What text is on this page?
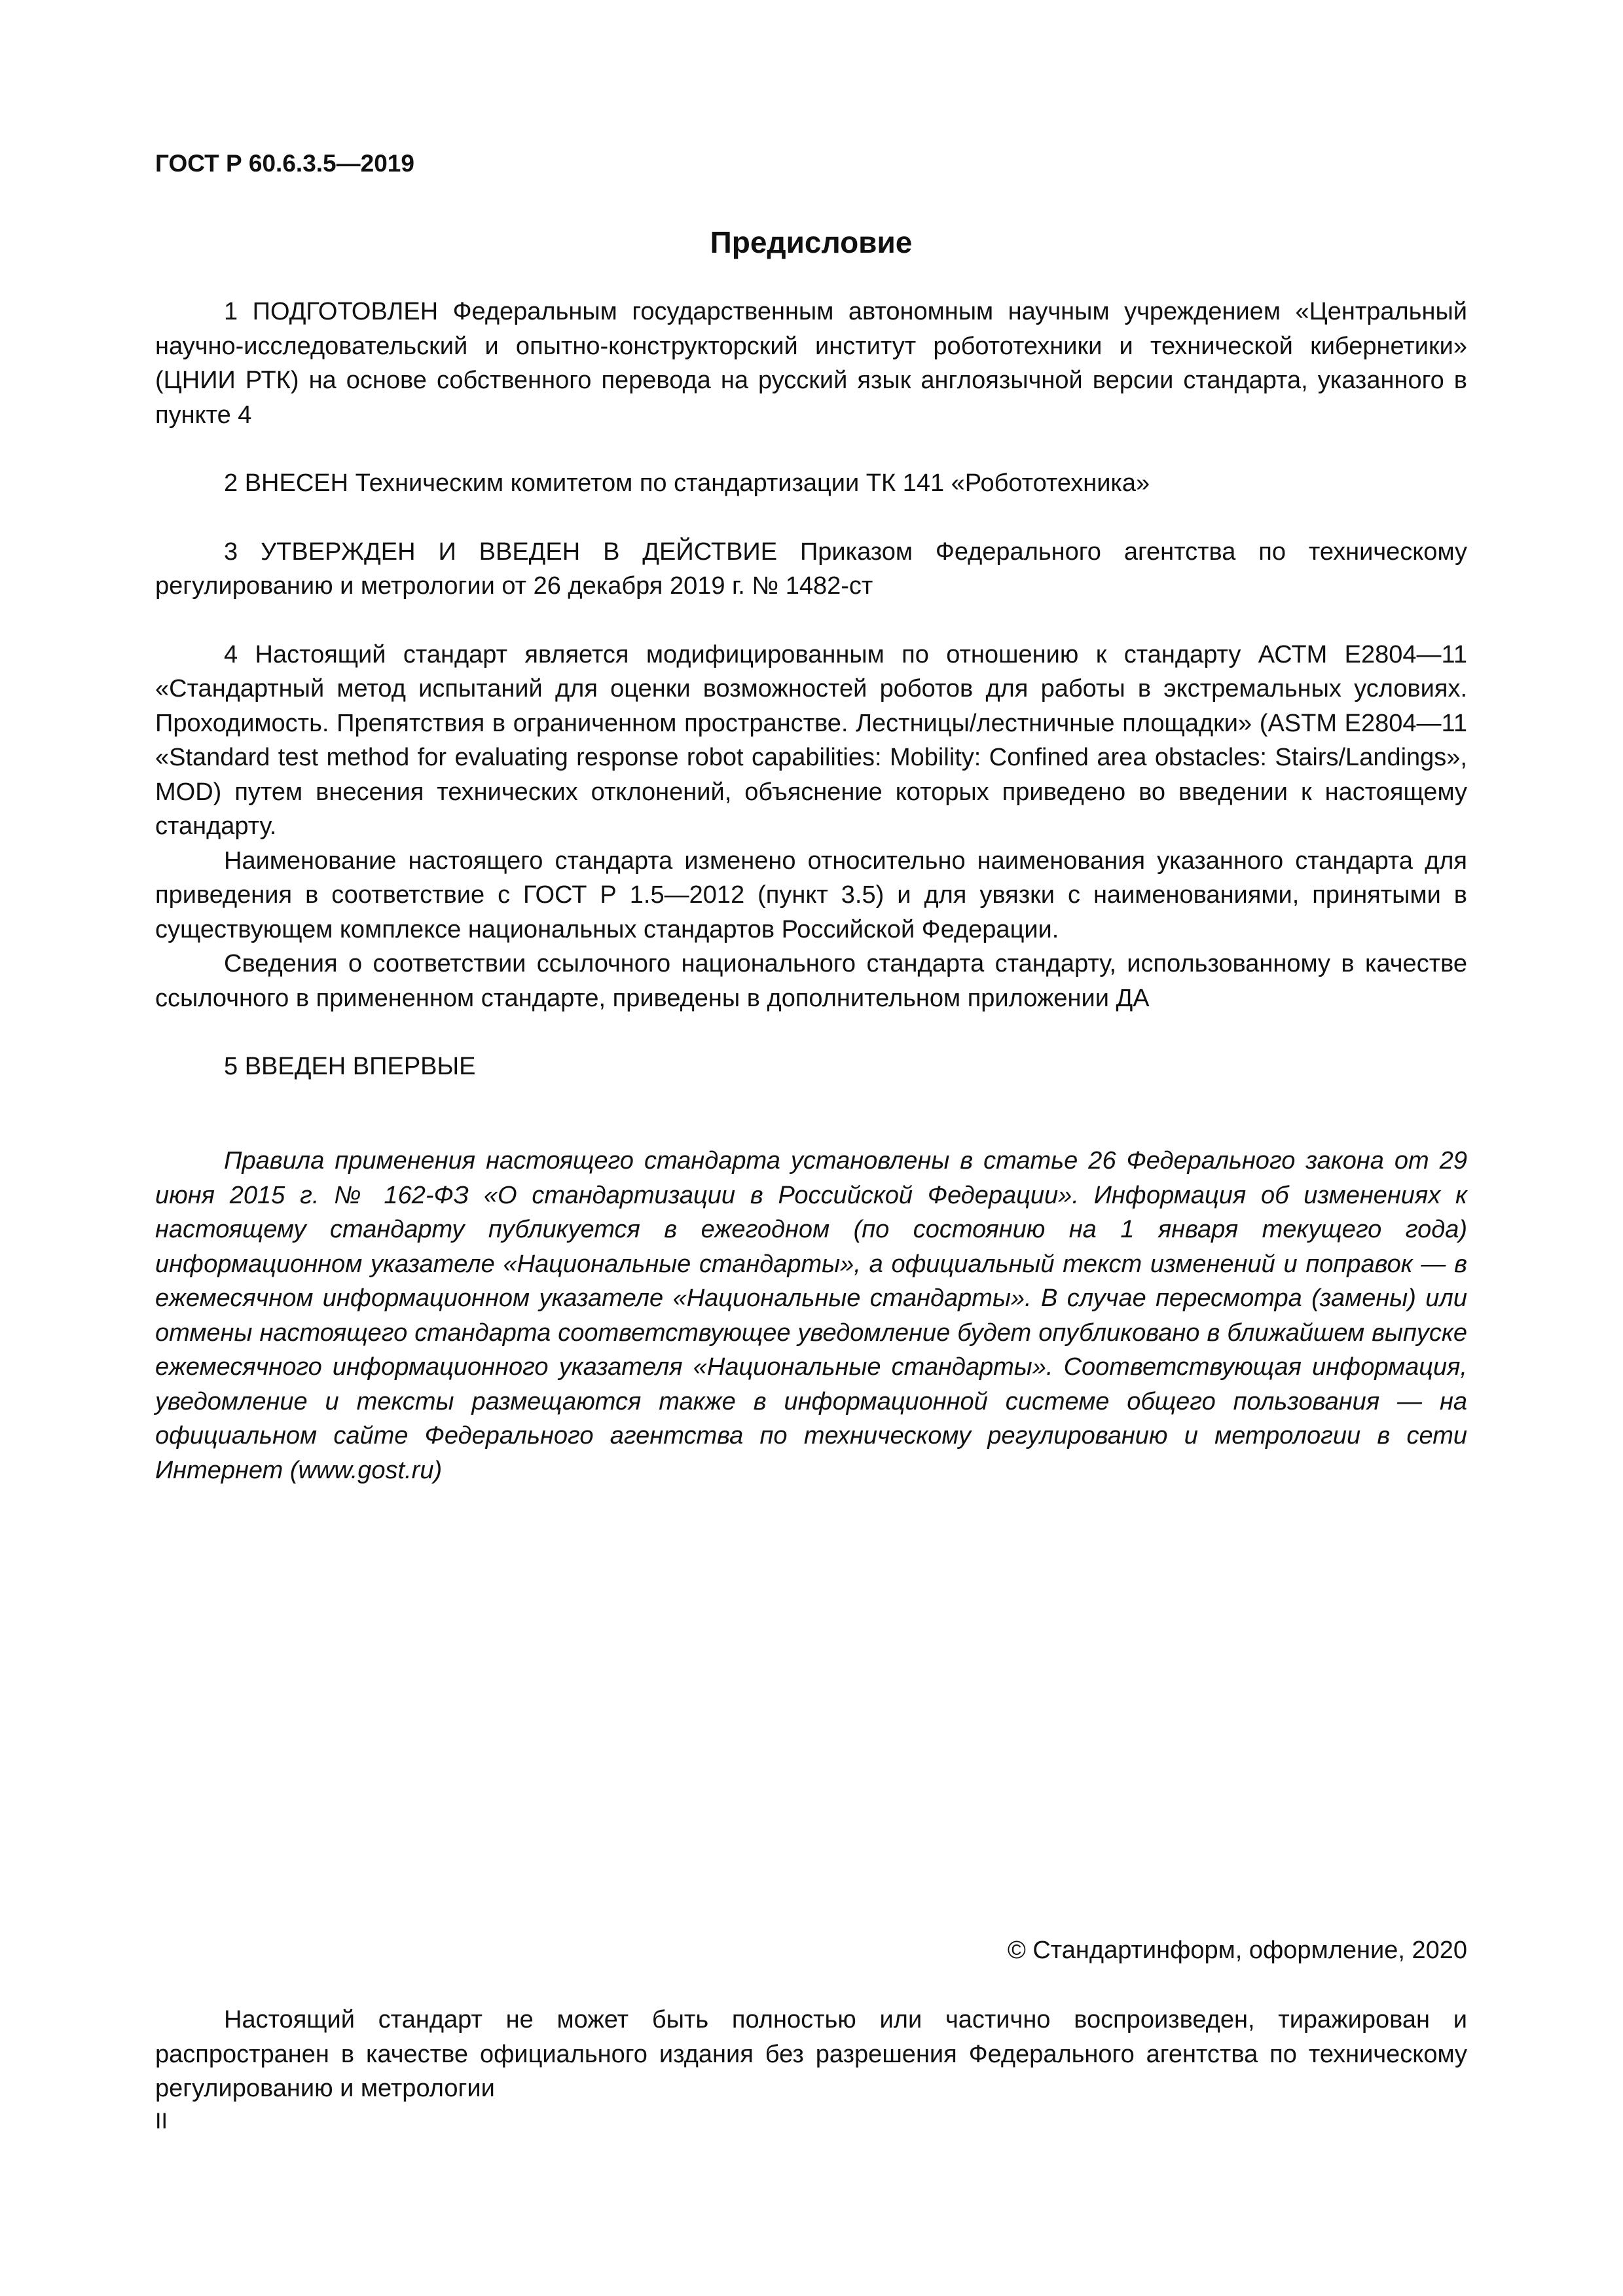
ГОСТ Р 60.6.3.5—2019

Предисловие

1 ПОДГОТОВЛЕН Федеральным государственным автономным научным учреждением «Центральный научно-исследовательский и опытно-конструкторский институт робототехники и технической кибернетики» (ЦНИИ РТК) на основе собственного перевода на русский язык англоязычной версии стандарта, указанного в пункте 4

2 ВНЕСЕН Техническим комитетом по стандартизации ТК 141 «Робототехника»

3 УТВЕРЖДЕН И ВВЕДЕН В ДЕЙСТВИЕ Приказом Федерального агентства по техническому регулированию и метрологии от 26 декабря 2019 г. № 1482-ст

4 Настоящий стандарт является модифицированным по отношению к стандарту АСТМ Е2804—11 «Стандартный метод испытаний для оценки возможностей роботов для работы в экстремальных условиях. Проходимость. Препятствия в ограниченном пространстве. Лестницы/лестничные площадки» (ASTM E2804—11 «Standard test method for evaluating response robot capabilities: Mobility: Confined area obstacles: Stairs/Landings», MOD) путем внесения технических отклонений, объяснение которых приведено во введении к настоящему стандарту.

Наименование настоящего стандарта изменено относительно наименования указанного стандарта для приведения в соответствие с ГОСТ Р 1.5—2012 (пункт 3.5) и для увязки с наименованиями, принятыми в существующем комплексе национальных стандартов Российской Федерации.

Сведения о соответствии ссылочного национального стандарта стандарту, использованному в качестве ссылочного в примененном стандарте, приведены в дополнительном приложении ДА

5 ВВЕДЕН ВПЕРВЫЕ

Правила применения настоящего стандарта установлены в статье 26 Федерального закона от 29 июня 2015 г. № 162-ФЗ «О стандартизации в Российской Федерации». Информация об изменениях к настоящему стандарту публикуется в ежегодном (по состоянию на 1 января текущего года) информационном указателе «Национальные стандарты», а официальный текст изменений и поправок — в ежемесячном информационном указателе «Национальные стандарты». В случае пересмотра (замены) или отмены настоящего стандарта соответствующее уведомление будет опубликовано в ближайшем выпуске ежемесячного информационного указателя «Национальные стандарты». Соответствующая информация, уведомление и тексты размещаются также в информационной системе общего пользования — на официальном сайте Федерального агентства по техническому регулированию и метрологии в сети Интернет (www.gost.ru)

© Стандартинформ, оформление, 2020

Настоящий стандарт не может быть полностью или частично воспроизведен, тиражирован и распространен в качестве официального издания без разрешения Федерального агентства по техническому регулированию и метрологии

II
